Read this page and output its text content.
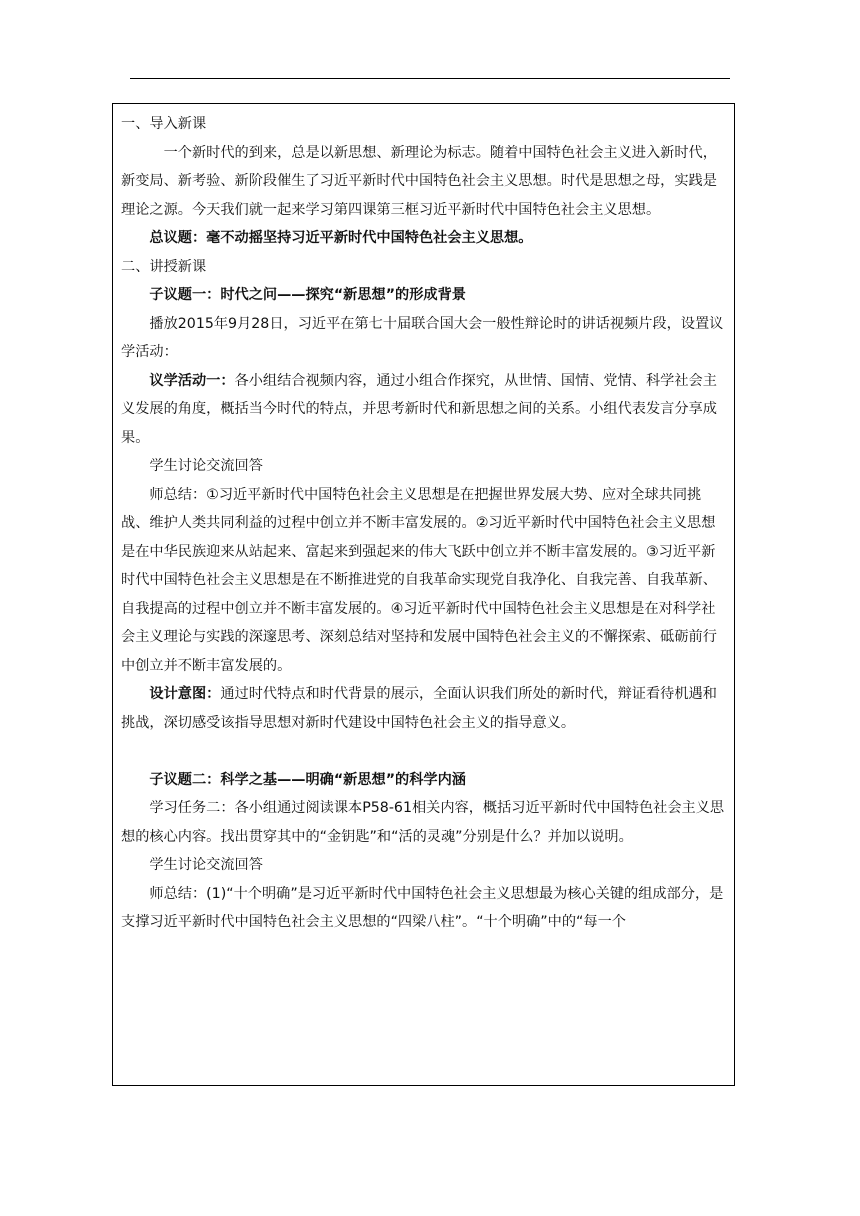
一、导入新课

一个新时代的到来，总是以新思想、新理论为标志。随着中国特色社会主义进入新时代，新变局、新考验、新阶段催生了习近平新时代中国特色社会主义思想。时代是思想之母，实践是理论之源。今天我们就一起来学习第四课第三框习近平新时代中国特色社会主义思想。

总议题：毫不动摇坚持习近平新时代中国特色社会主义思想。

二、讲授新课

子议题一：时代之问——探究“新思想”的形成背景

播放2015年9月28日，习近平在第七十届联合国大会一般性辩论时的讲话视频片段，设置议学活动：

议学活动一：各小组结合视频内容，通过小组合作探究，从世情、国情、党情、科学社会主义发展的角度，概括当今时代的特点，并思考新时代和新思想之间的关系。小组代表发言分享成果。

学生讨论交流回答

师总结：①习近平新时代中国特色社会主义思想是在把握世界发展大势、应对全球共同挑战、维护人类共同利益的过程中创立并不断丰富发展的。②习近平新时代中国特色社会主义思想是在中华民族迎来从站起来、富起来到强起来的伟大飞跃中创立并不断丰富发展的。③习近平新时代中国特色社会主义思想是在不断推进党的自我革命实现党自我净化、自我完善、自我革新、自我提高的过程中创立并不断丰富发展的。④习近平新时代中国特色社会主义思想是在对科学社会主义理论与实践的深邃思考、深刻总结对坚持和发展中国特色社会主义的不懈探索、砥砺前行中创立并不断丰富发展的。

设计意图：通过时代特点和时代背景的展示，全面认识我们所处的新时代，辩证看待机遇和挑战，深切感受该指导思想对新时代建设中国特色社会主义的指导意义。

子议题二：科学之基——明确“新思想”的科学内涵

学习任务二：各小组通过阅读课本P58-61相关内容，概括习近平新时代中国特色社会主义思想的核心内容。找出贯穿其中的“金钥匙”和“活的灵魂”分别是什么？并加以说明。

学生讨论交流回答

师总结：(1)“十个明确”是习近平新时代中国特色社会主义思想最为核心关键的组成部分，是支撑习近平新时代中国特色社会主义思想的“四梁八柱”。“十个明确”中的“每一个
